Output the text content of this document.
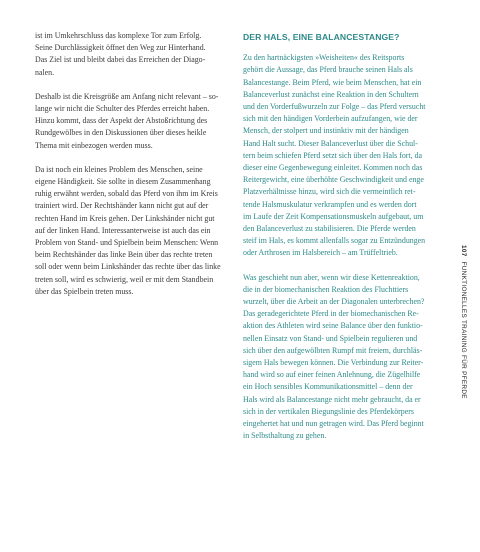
ist im Umkehrschluss das komplexe Tor zum Erfolg.
Seine Durchlässigkeit öffnet den Weg zur Hinterhand.
Das Ziel ist und bleibt dabei das Erreichen der Diago-
nalen.

Deshalb ist die Kreisgröße am Anfang nicht relevant – so-
lange wir nicht die Schulter des Pferdes erreicht haben.
Hinzu kommt, dass der Aspekt der Abstoßrichtung des
Rundgewölbes in den Diskussionen über dieses heikle
Thema mit einbezogen werden muss.

Da ist noch ein kleines Problem des Menschen, seine
eigene Händigkeit. Sie sollte in diesem Zusammenhang
ruhig erwähnt werden, sobald das Pferd von ihm im Kreis
trainiert wird. Der Rechtshänder kann nicht gut auf der
rechten Hand im Kreis gehen. Der Linkshänder nicht gut
auf der linken Hand. Interessanterweise ist auch das ein
Problem von Stand- und Spielbein beim Menschen: Wenn
beim Rechtshänder das linke Bein über das rechte treten
soll oder wenn beim Linkshänder das rechte über das linke
treten soll, wird es schwierig, weil er mit dem Standbein
über das Spielbein treten muss.

DER HALS, EINE BALANCESTANGE?

Zu den hartnäckigsten »Weisheiten« des Reitsports
gehört die Aussage, das Pferd brauche seinen Hals als
Balancestange. Beim Pferd, wie beim Menschen, hat ein
Balanceverlust zunächst eine Reaktion in den Schultern
und den Vorderfußwurzeln zur Folge – das Pferd versucht
sich mit den händigen Vorderbein aufzufangen, wie der
Mensch, der stolpert und instinktiv mit der händigen
Hand Halt sucht. Dieser Balanceverlust über die Schul-
tern beim schiefen Pferd setzt sich über den Hals fort, da
dieser eine Gegenbewegung einleitet. Kommen noch das
Reitergewicht, eine überhöhte Geschwindigkeit und enge
Platzverhältnisse hinzu, wird sich die vermeintlich ret-
tende Halsmuskulatur verkrampfen und es werden dort
im Laufe der Zeit Kompensationsmuskeln aufgebaut, um
den Balanceverlust zu stabilisieren. Die Pferde werden
steif im Hals, es kommt allenfalls sogar zu Entzündungen
oder Arthrosen im Halsbereich – am Trüffeltrieb.

Was geschieht nun aber, wenn wir diese Kettenreaktion,
die in der biomechanischen Reaktion des Fluchttiers
wurzelt, über die Arbeit an der Diagonalen unterbrechen?
Das geradegerichtete Pferd in der biomechanischen Re-
aktion des Athleten wird seine Balance über den funktio-
nellen Einsatz von Stand- und Spielbein regulieren und
sich über den aufgewölbten Rumpf mit freiem, durchläs-
sigem Hals bewegen können. Die Verbindung zur Reiter-
hand wird so auf einer feinen Anlehnung, die Zügelhilfe
ein Hoch sensibles Kommunikationsmittel – denn der
Hals wird als Balancestange nicht mehr gebraucht, da er
sich in der vertikalen Biegungslinie des Pferdekörpers
eingehertet hat und nun getragen wird. Das Pferd beginnt
in Selbsthaltung zu gehen.

107FUNKTIONELLES TRAINING FÜR PFERDE
